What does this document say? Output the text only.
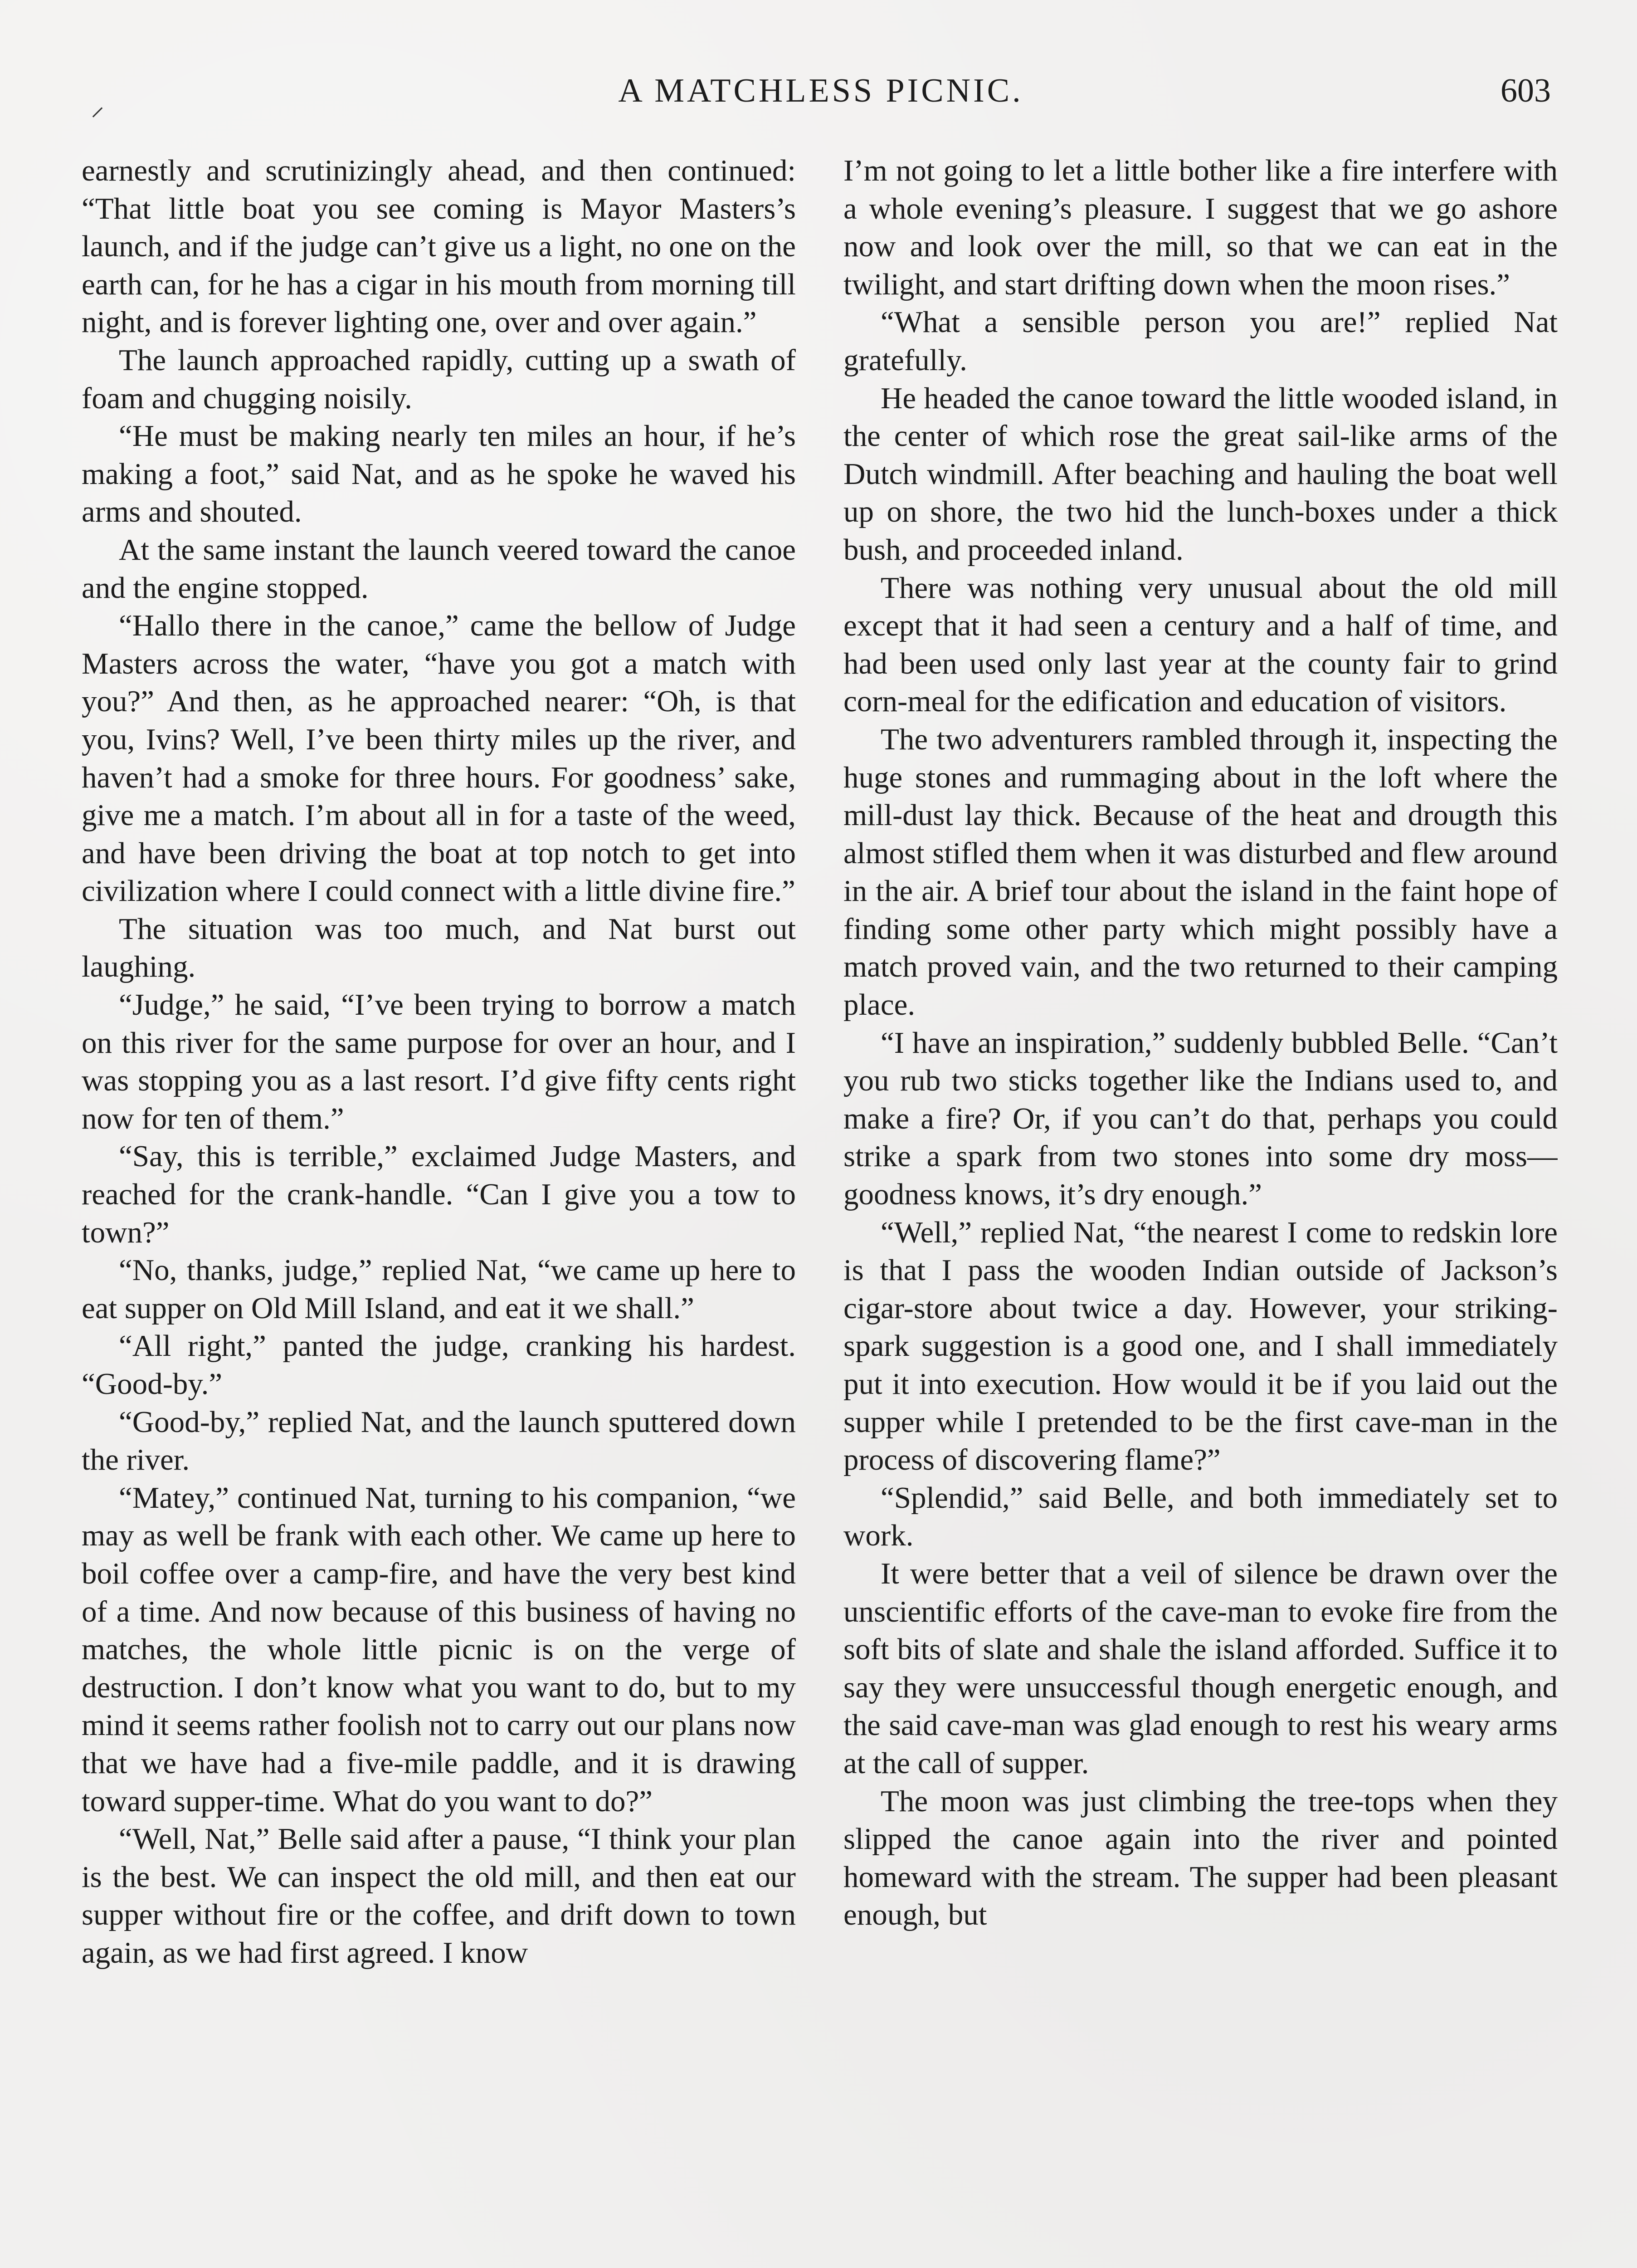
⸝	A MATCHLESS PICNIC.	603

earnestly and scrutinizingly ahead, and then continued: “That little boat you see coming is Mayor Masters’s launch, and if the judge can’t give us a light, no one on the earth can, for he has a cigar in his mouth from morning till night, and is forever lighting one, over and over again.”

The launch approached rapidly, cutting up a swath of foam and chugging noisily.

“He must be making nearly ten miles an hour, if he’s making a foot,” said Nat, and as he spoke he waved his arms and shouted.

At the same instant the launch veered toward the canoe and the engine stopped.

“Hallo there in the canoe,” came the bellow of Judge Masters across the water, “have you got a match with you?” And then, as he approached nearer: “Oh, is that you, Ivins? Well, I’ve been thirty miles up the river, and haven’t had a smoke for three hours. For goodness’ sake, give me a match. I’m about all in for a taste of the weed, and have been driving the boat at top notch to get into civilization where I could connect with a little divine fire.”

The situation was too much, and Nat burst out laughing.

“Judge,” he said, “I’ve been trying to borrow a match on this river for the same purpose for over an hour, and I was stopping you as a last resort. I’d give fifty cents right now for ten of them.”

“Say, this is terrible,” exclaimed Judge Masters, and reached for the crank-handle. “Can I give you a tow to town?”

“No, thanks, judge,” replied Nat, “we came up here to eat supper on Old Mill Island, and eat it we shall.”

“All right,” panted the judge, cranking his hardest. “Good-by.”

“Good-by,” replied Nat, and the launch sputtered down the river.

“Matey,” continued Nat, turning to his companion, “we may as well be frank with each other. We came up here to boil coffee over a camp-fire, and have the very best kind of a time. And now because of this business of having no matches, the whole little picnic is on the verge of destruction. I don’t know what you want to do, but to my mind it seems rather foolish not to carry out our plans now that we have had a five-mile paddle, and it is drawing toward supper-time. What do you want to do?”

“Well, Nat,” Belle said after a pause, “I think your plan is the best. We can inspect the old mill, and then eat our supper without fire or the coffee, and drift down to town again, as we had first agreed. I know

I’m not going to let a little bother like a fire interfere with a whole evening’s pleasure. I suggest that we go ashore now and look over the mill, so that we can eat in the twilight, and start drifting down when the moon rises.”

“What a sensible person you are!” replied Nat gratefully.

He headed the canoe toward the little wooded island, in the center of which rose the great sail-like arms of the Dutch windmill. After beaching and hauling the boat well up on shore, the two hid the lunch-boxes under a thick bush, and proceeded inland.

There was nothing very unusual about the old mill except that it had seen a century and a half of time, and had been used only last year at the county fair to grind corn-meal for the edification and education of visitors.

The two adventurers rambled through it, inspecting the huge stones and rummaging about in the loft where the mill-dust lay thick. Because of the heat and drougth this almost stifled them when it was disturbed and flew around in the air. A brief tour about the island in the faint hope of finding some other party which might possibly have a match proved vain, and the two returned to their camping place.

“I have an inspiration,” suddenly bubbled Belle. “Can’t you rub two sticks together like the Indians used to, and make a fire? Or, if you can’t do that, perhaps you could strike a spark from two stones into some dry moss—goodness knows, it’s dry enough.”

“Well,” replied Nat, “the nearest I come to redskin lore is that I pass the wooden Indian outside of Jackson’s cigar-store about twice a day. However, your striking-spark suggestion is a good one, and I shall immediately put it into execution. How would it be if you laid out the supper while I pretended to be the first cave-man in the process of discovering flame?”

“Splendid,” said Belle, and both immediately set to work.

It were better that a veil of silence be drawn over the unscientific efforts of the cave-man to evoke fire from the soft bits of slate and shale the island afforded. Suffice it to say they were unsuccessful though energetic enough, and the said cave-man was glad enough to rest his weary arms at the call of supper.

The moon was just climbing the tree-tops when they slipped the canoe again into the river and pointed homeward with the stream. The supper had been pleasant enough, but
